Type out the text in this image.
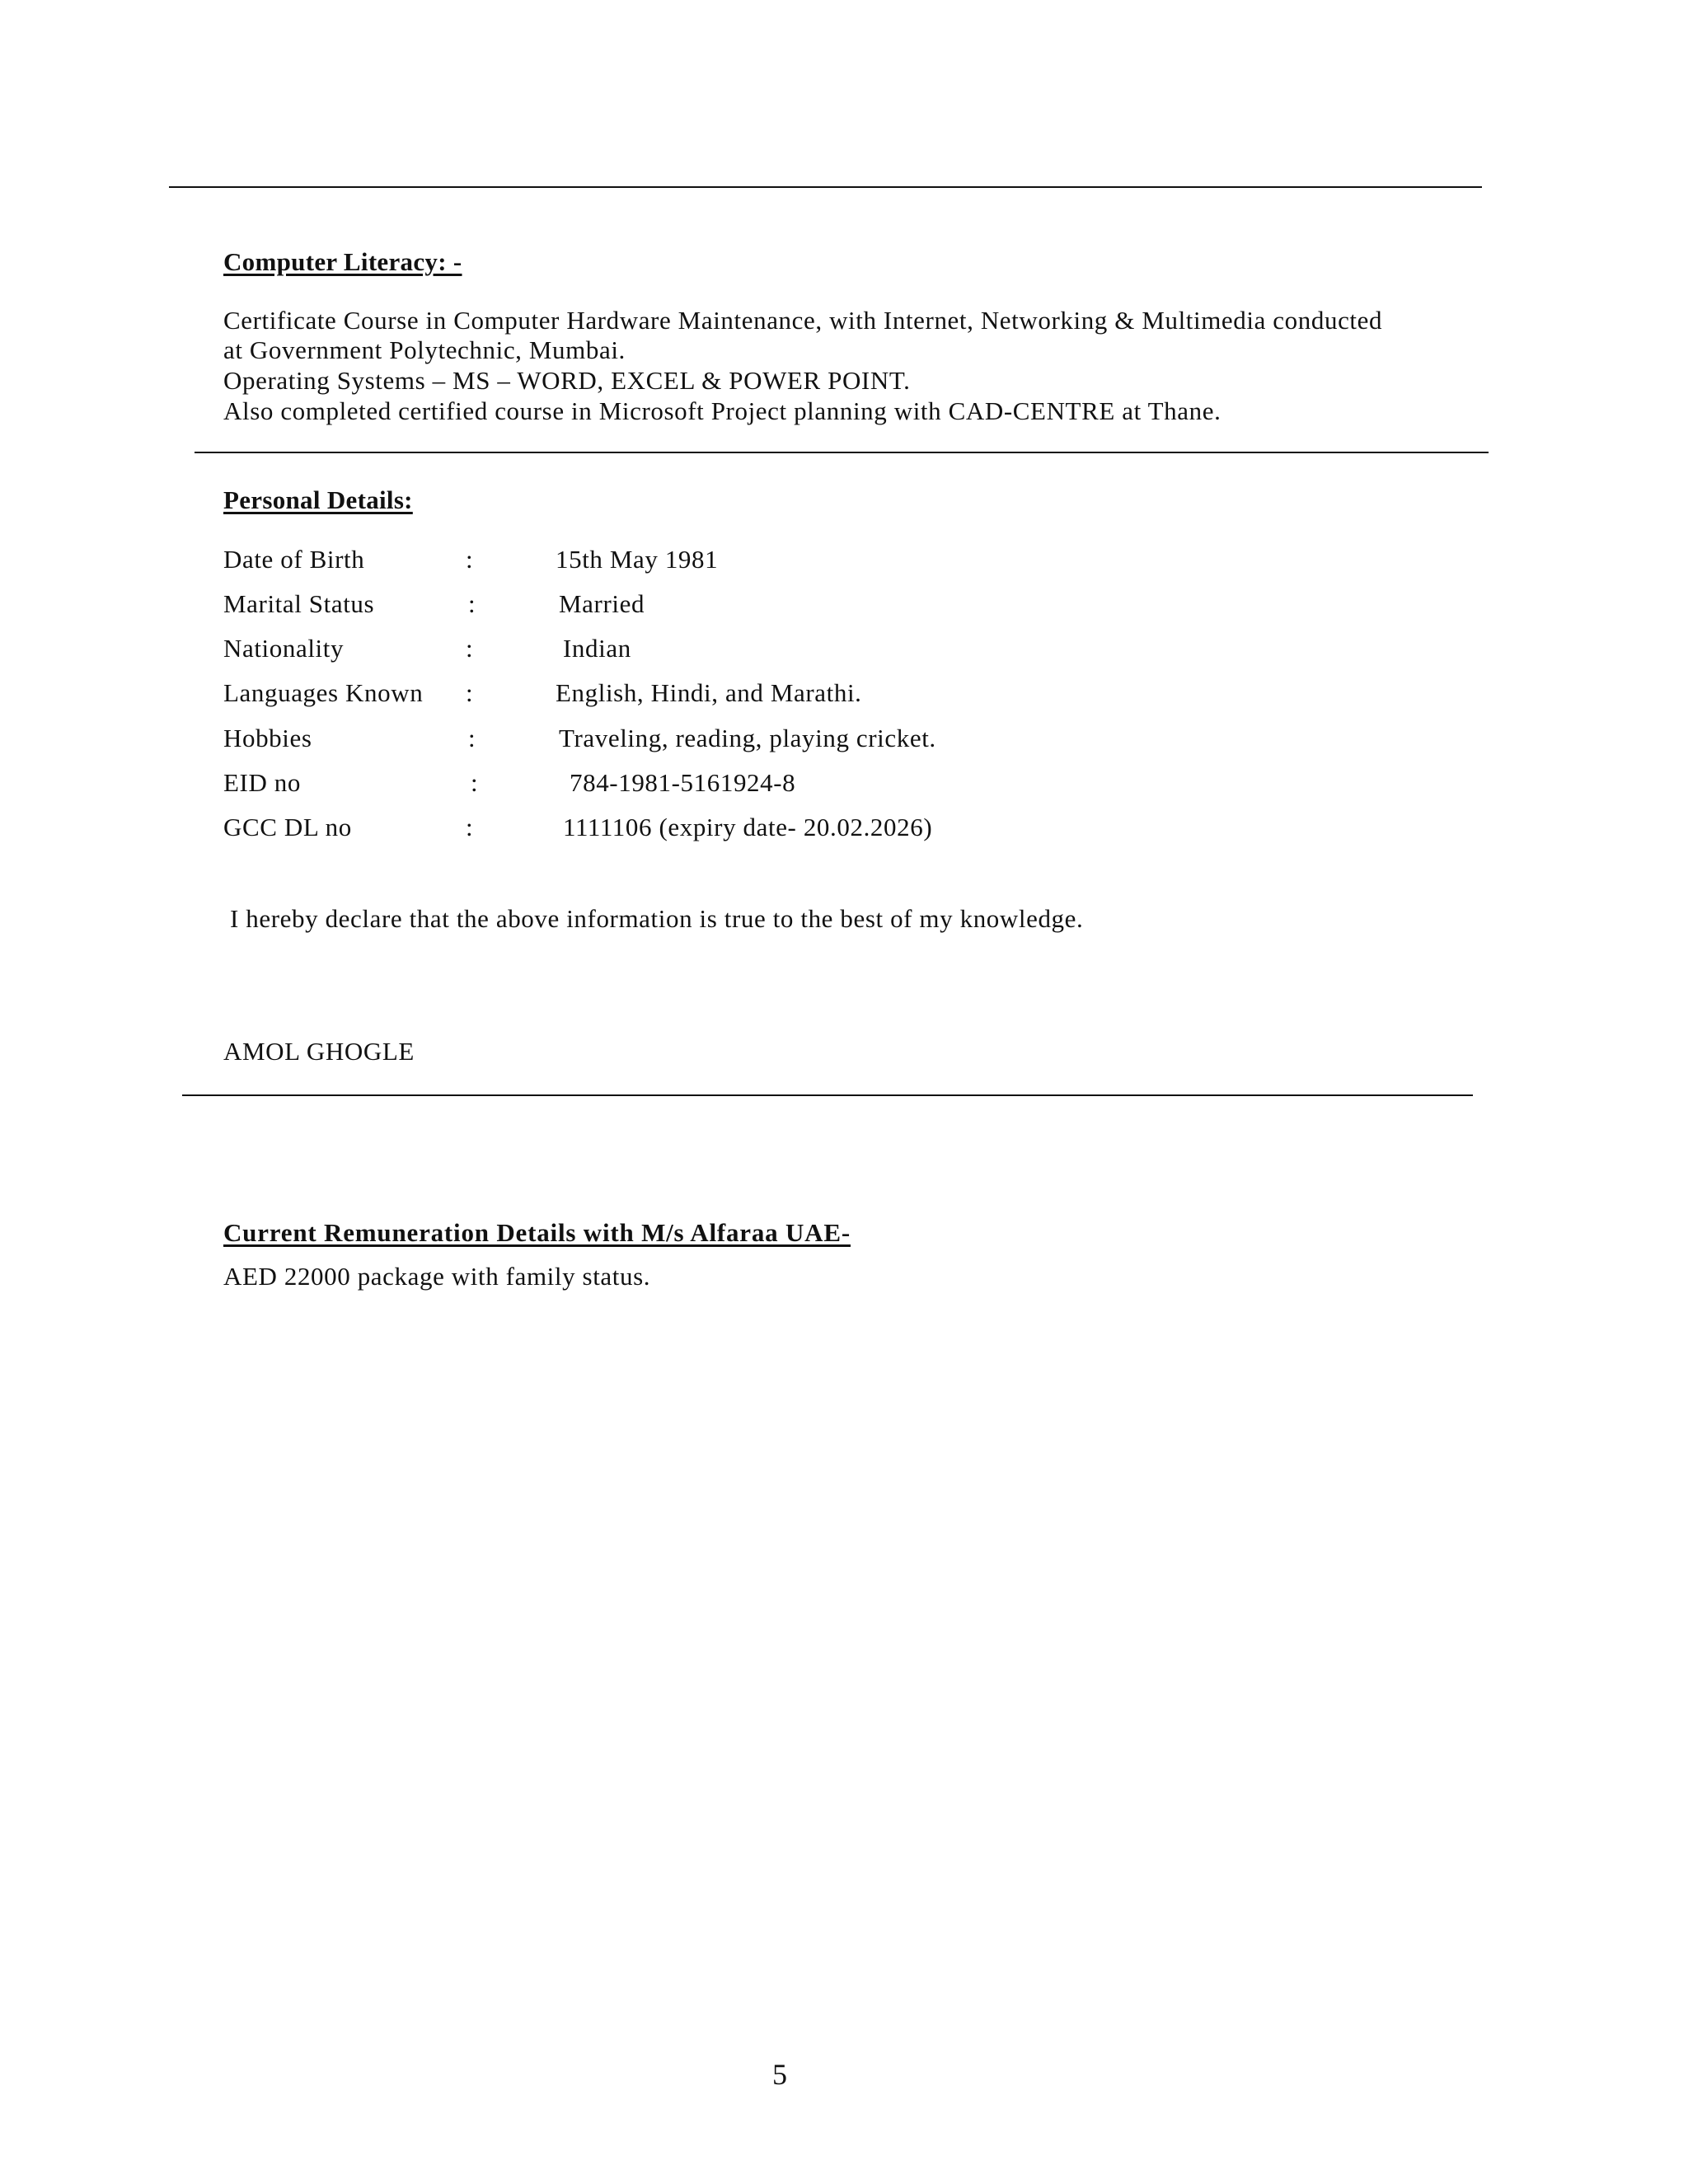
Computer Literacy: -
Certificate Course in Computer Hardware Maintenance, with Internet, Networking & Multimedia conducted
at Government Polytechnic, Mumbai.
Operating Systems – MS – WORD, EXCEL & POWER POINT.
Also completed certified course in Microsoft Project planning with CAD-CENTRE at Thane.
Personal Details:
Date of Birth	:	15th May 1981
Marital Status	:	Married
Nationality	:	Indian
Languages Known :	English, Hindi, and Marathi.
Hobbies	:	Traveling, reading, playing cricket.
EID no	:	784-1981-5161924-8
GCC DL no	:	1111106 (expiry date- 20.02.2026)
I hereby declare that the above information is true to the best of my knowledge.
AMOL GHOGLE
Current Remuneration Details with M/s Alfaraa UAE-
AED 22000 package with family status.
5
